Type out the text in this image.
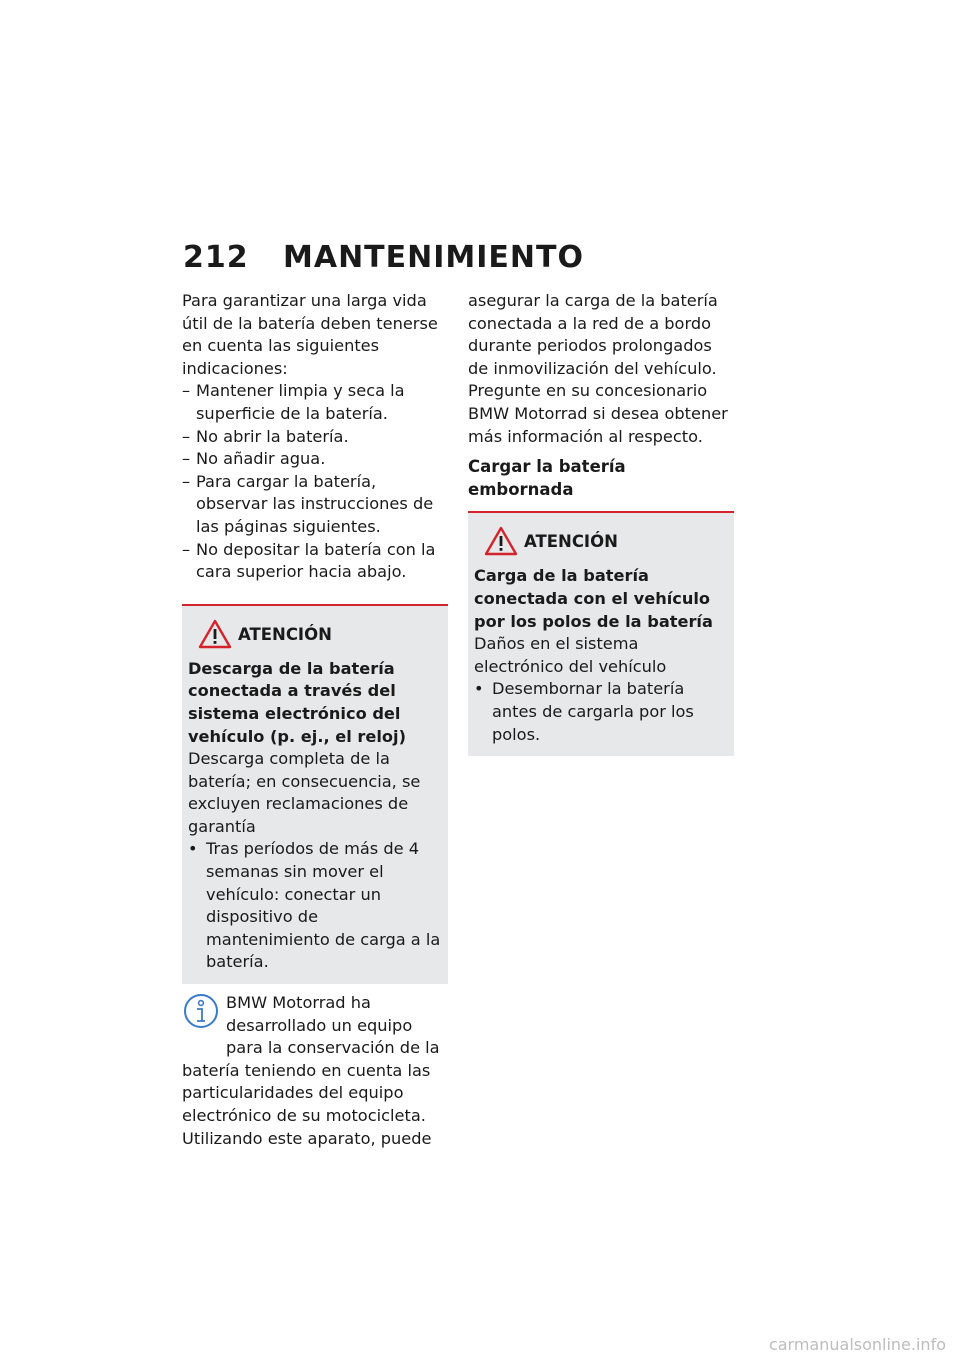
212 MANTENIMIENTO

Para garantizar una larga vida útil de la batería deben tenerse en cuenta las siguientes indicaciones:

– Mantener limpia y seca la superficie de la batería.
– No abrir la batería.
– No añadir agua.
– Para cargar la batería, observar las instrucciones de las páginas siguientes.
– No depositar la batería con la cara superior hacia abajo.
ATENCIÓN

Descarga de la batería conectada a través del sistema electrónico del vehículo (p. ej., el reloj)

Descarga completa de la batería; en consecuencia, se excluyen reclamaciones de garantía

• Tras períodos de más de 4 semanas sin mover el vehículo: conectar un dispositivo de mantenimiento de carga a la batería.

BMW Motorrad ha desarrollado un equipo para la conservación de la batería teniendo en cuenta las particularidades del equipo electrónico de su motocicleta. Utilizando este aparato, puede

asegurar la carga de la batería conectada a la red de a bordo durante periodos prolongados de inmovilización del vehículo. Pregunte en su concesionario BMW Motorrad si desea obtener más información al respecto.

Cargar la batería embornada

ATENCIÓN

Carga de la batería conectada con el vehículo por los polos de la batería

Daños en el sistema electrónico del vehículo

• Desembornar la batería antes de cargarla por los polos.
carmanualsonline.info
